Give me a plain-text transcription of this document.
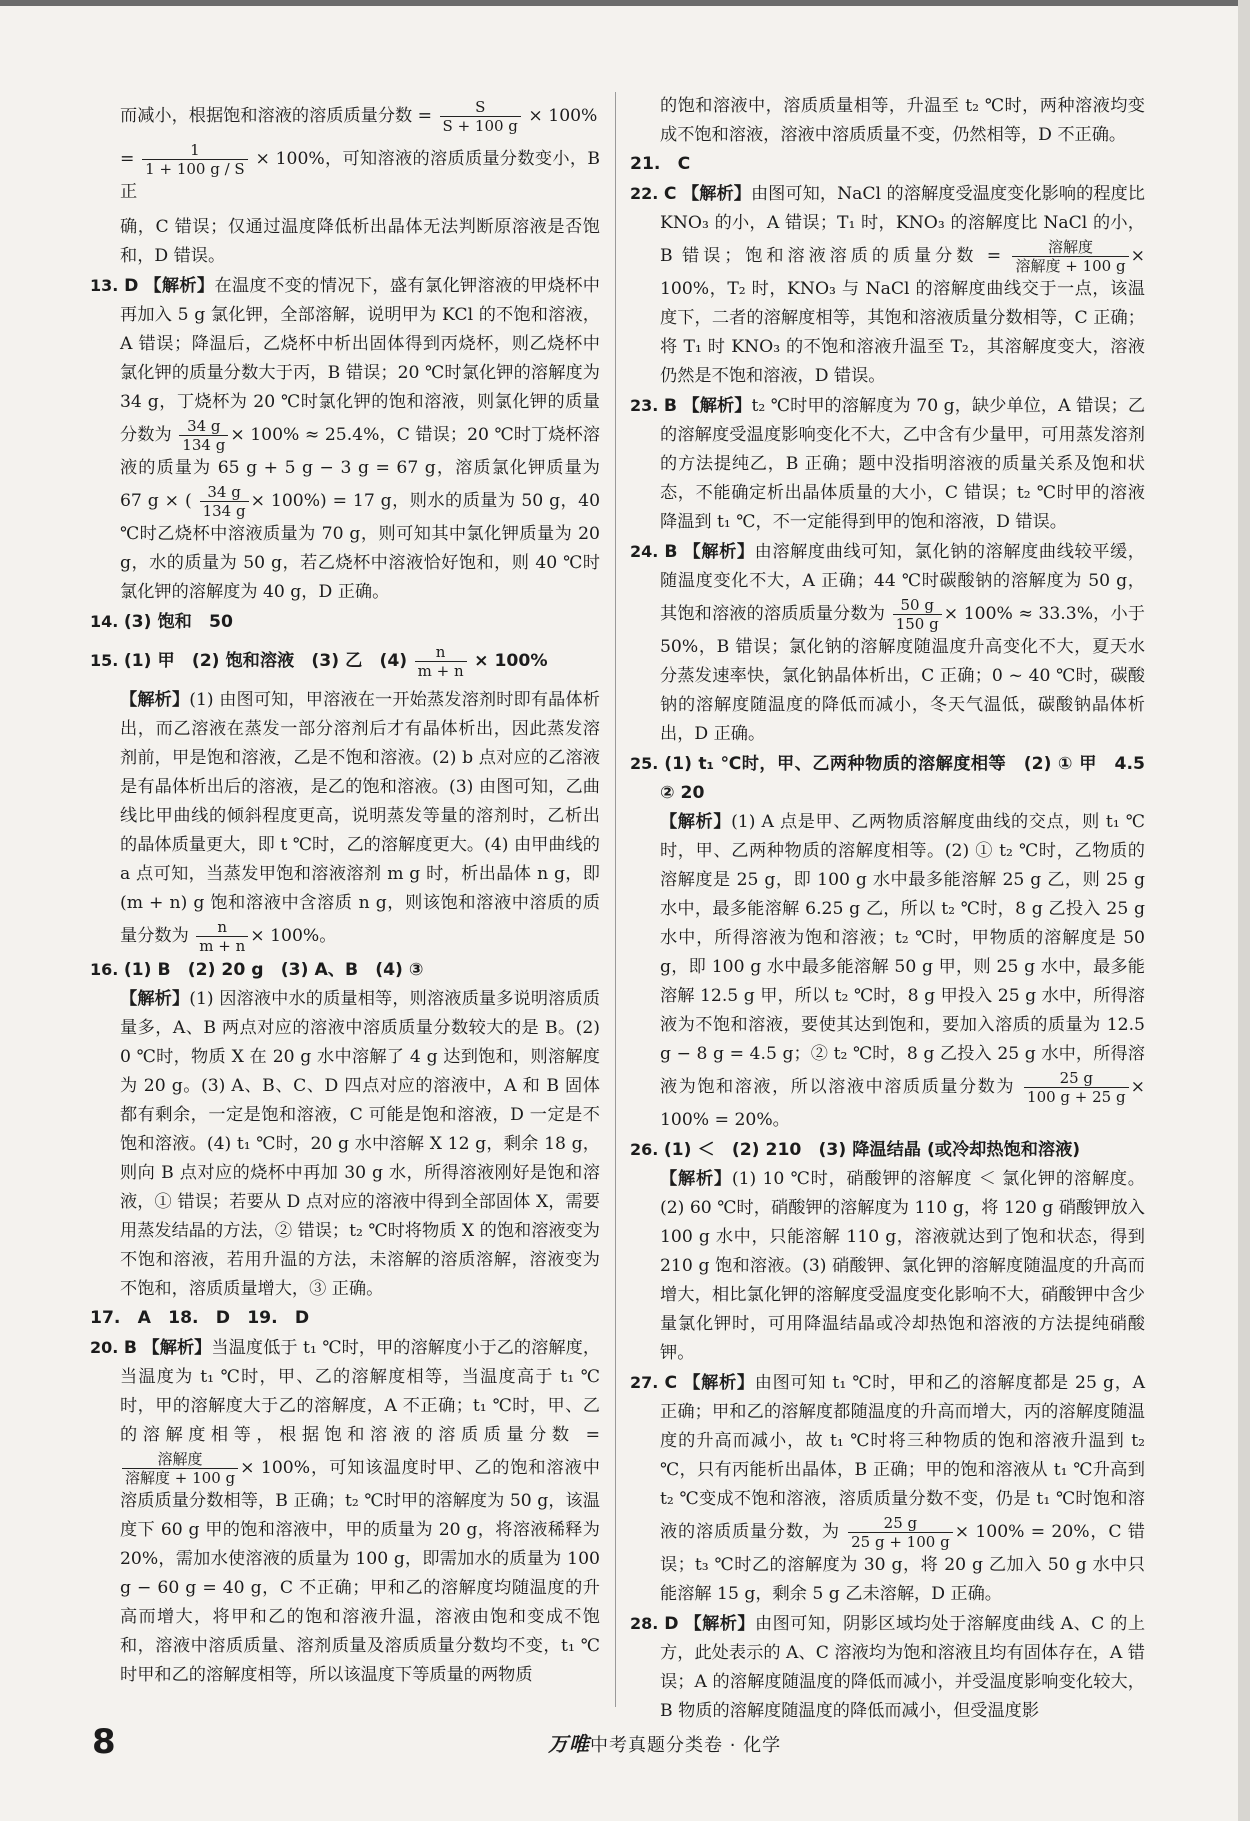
而减小，根据饱和溶液的溶质质量分数 = $\frac{S}{S + 100 g} \times 100\%$

= $\frac{1}{1 + 100 g / S} \times 100\%$，可知溶液的溶质质量分数变小，B 正

确，C 错误；仅通过温度降低析出晶体无法判断原溶液是否饱和，D 错误。

13. D 【解析】在温度不变的情况下，盛有氯化钾溶液的甲烧杯中再加入 5 g 氯化钾，全部溶解，说明甲为 KCl 的不饱和溶液，A 错误；降温后，乙烧杯中析出固体得到丙烧杯，则乙烧杯中氯化钾的质量分数大于丙，B 错误；20 ℃时氯化钾的溶解度为 34 g，丁烧杯为 20 ℃时氯化钾的饱和溶液，则氯化钾的质量分数为 $\frac{34 g}{134 g} \times 100\% \approx 25.4\%$，C 错误；20 ℃时丁烧杯溶液的质量为 65 g + 5 g − 3 g = 67 g，溶质氯化钾质量为 67 g × ( $\frac{34 g}{134 g} \times 100\%) = 17$ g，则水的质量为 50 g，40 ℃时乙烧杯中溶液质量为 70 g，则可知其中氯化钾质量为 20 g，水的质量为 50 g，若乙烧杯中溶液恰好饱和，则 40 ℃时氯化钾的溶解度为 40 g，D 正确。

14. (3) 饱和　50

15. (1) 甲　(2) 饱和溶液　(3) 乙　$(4) \frac{n}{m + n} \times 100\%$

【解析】(1) 由图可知，甲溶液在一开始蒸发溶剂时即有晶体析出，而乙溶液在蒸发一部分溶剂后才有晶体析出，因此蒸发溶剂前，甲是饱和溶液，乙是不饱和溶液。(2) b 点对应的乙溶液是有晶体析出后的溶液，是乙的饱和溶液。(3) 由图可知，乙曲线比甲曲线的倾斜程度更高，说明蒸发等量的溶剂时，乙析出的晶体质量更大，即 t ℃时，乙的溶解度更大。(4) 由甲曲线的 a 点可知，当蒸发甲饱和溶液溶剂 m g 时，析出晶体 n g，即 (m + n) g 饱和溶液中含溶质 n g，则该饱和溶液中溶质的质量分数为 $\frac{n}{m + n} \times 100\%$。

16. (1) B　(2) 20 g　(3) A、B　(4) ③

【解析】(1) 因溶液中水的质量相等，则溶液质量多说明溶质质量多，A、B 两点对应的溶液中溶质质量分数较大的是 B。(2) 0 ℃时，物质 X 在 20 g 水中溶解了 4 g 达到饱和，则溶解度为 20 g。(3) A、B、C、D 四点对应的溶液中，A 和 B 固体都有剩余，一定是饱和溶液，C 可能是饱和溶液，D 一定是不饱和溶液。(4) t₁ ℃时，20 g 水中溶解 X 12 g，剩余 18 g，则向 B 点对应的烧杯中再加 30 g 水，所得溶液刚好是饱和溶液，① 错误；若要从 D 点对应的溶液中得到全部固体 X，需要用蒸发结晶的方法，② 错误；t₂ ℃时将物质 X 的饱和溶液变为不饱和溶液，若用升温的方法，未溶解的溶质溶解，溶液变为不饱和，溶质质量增大，③ 正确。

17.　A　18.　D　19.　D

20. B 【解析】当温度低于 t₁ ℃时，甲的溶解度小于乙的溶解度，当温度为 t₁ ℃时，甲、乙的溶解度相等，当温度高于 t₁ ℃时，甲的溶解度大于乙的溶解度，A 不正确；t₁ ℃时，甲、乙的溶解度相等，根据饱和溶液的溶质质量分数 =
$\frac{\text{溶解度}}{\text{溶解度 + 100 g}} \times 100\%$，可知该温度时甲、乙的饱和溶液中溶质质量分数相等，B 正确；t₂ ℃时甲的溶解度为 50 g，该温度下 60 g 甲的饱和溶液中，甲的质量为 20 g，将溶液稀释为 20%，需加水使溶液的质量为 100 g，即需加水的质量为 100 g − 60 g = 40 g，C 不正确；甲和乙的溶解度均随温度的升高而增大，将甲和乙的饱和溶液升温，溶液由饱和变成不饱和，溶液中溶质质量、溶剂质量及溶质质量分数均不变，t₁ ℃时甲和乙的溶解度相等，所以该温度下等质量的两物质

的饱和溶液中，溶质质量相等，升温至 t₂ ℃时，两种溶液均变成不饱和溶液，溶液中溶质质量不变，仍然相等，D 不正确。

21.　C

22. C 【解析】由图可知，NaCl 的溶解度受温度变化影响的程度比 KNO₃ 的小，A 错误；T₁ 时，KNO₃ 的溶解度比 NaCl 的小，B 错误；饱和溶液溶质的质量分数 = $\frac{\text{溶解度}}{\text{溶解度 + 100 g}} \times 100\%$，T₂ 时，KNO₃ 与 NaCl 的溶解度曲线交于一点，该温度下，二者的溶解度相等，其饱和溶液质量分数相等，C 正确；将 T₁ 时 KNO₃ 的不饱和溶液升温至 T₂，其溶解度变大，溶液仍然是不饱和溶液，D 错误。

23. B 【解析】t₂ ℃时甲的溶解度为 70 g，缺少单位，A 错误；乙的溶解度受温度影响变化不大，乙中含有少量甲，可用蒸发溶剂的方法提纯乙，B 正确；题中没指明溶液的质量关系及饱和状态，不能确定析出晶体质量的大小，C 错误；t₂ ℃时甲的溶液降温到 t₁ ℃，不一定能得到甲的饱和溶液，D 错误。

24. B 【解析】由溶解度曲线可知，氯化钠的溶解度曲线较平缓，随温度变化不大，A 正确；44 ℃时碳酸钠的溶解度为 50 g，其饱和溶液的溶质质量分数为 $\frac{50 g}{150 g} \times 100\% \approx 33.3\%$，小于 50%，B 错误；氯化钠的溶解度随温度升高变化不大，夏天水分蒸发速率快，氯化钠晶体析出，C 正确；0 ~ 40 ℃时，碳酸钠的溶解度随温度的降低而减小，冬天气温低，碳酸钠晶体析出，D 正确。

25. (1) t₁ ℃时，甲、乙两种物质的溶解度相等　(2) ① 甲　4.5　② 20

【解析】(1) A 点是甲、乙两物质溶解度曲线的交点，则 t₁ ℃时，甲、乙两种物质的溶解度相等。(2) ① t₂ ℃时，乙物质的溶解度是 25 g，即 100 g 水中最多能溶解 25 g 乙，则 25 g 水中，最多能溶解 6.25 g 乙，所以 t₂ ℃时，8 g 乙投入 25 g 水中，所得溶液为饱和溶液；t₂ ℃时，甲物质的溶解度是 50 g，即 100 g 水中最多能溶解 50 g 甲，则 25 g 水中，最多能溶解 12.5 g 甲，所以 t₂ ℃时，8 g 甲投入 25 g 水中，所得溶液为不饱和溶液，要使其达到饱和，要加入溶质的质量为 12.5 g − 8 g = 4.5 g；② t₂ ℃时，8 g 乙投入 25 g 水中，所得溶液为饱和溶液，所以溶液中溶质质量分数为 $\frac{25 g}{100 g + 25 g} \times 100\% = 20\%$。

26. (1) ＜　(2) 210　(3) 降温结晶 (或冷却热饱和溶液)

【解析】(1) 10 ℃时，硝酸钾的溶解度 ＜ 氯化钾的溶解度。(2) 60 ℃时，硝酸钾的溶解度为 110 g，将 120 g 硝酸钾放入 100 g 水中，只能溶解 110 g，溶液就达到了饱和状态，得到 210 g 饱和溶液。(3) 硝酸钾、氯化钾的溶解度随温度的升高而增大，相比氯化钾的溶解度受温度变化影响不大，硝酸钾中含少量氯化钾时，可用降温结晶或冷却热饱和溶液的方法提纯硝酸钾。

27. C 【解析】由图可知 t₁ ℃时，甲和乙的溶解度都是 25 g，A 正确；甲和乙的溶解度都随温度的升高而增大，丙的溶解度随温度的升高而减小，故 t₁ ℃时将三种物质的饱和溶液升温到 t₂ ℃，只有丙能析出晶体，B 正确；甲的饱和溶液从 t₁ ℃升高到 t₂ ℃变成不饱和溶液，溶质质量分数不变，仍是 t₁ ℃时饱和溶液的溶质质量分数，为 $\frac{25 g}{25 g + 100 g} \times 100\% = 20\%$，C 错误；t₃ ℃时乙的溶解度为 30 g，将 20 g 乙加入 50 g 水中只能溶解 15 g，剩余 5 g 乙未溶解，D 正确。

28. D 【解析】由图可知，阴影区域均处于溶解度曲线 A、C 的上方，此处表示的 A、C 溶液均为饱和溶液且均有固体存在，A 错误；A 的溶解度随温度的降低而减小，并受温度影响变化较大，B 物质的溶解度随温度的降低而减小，但受温度影

8	万唯中考真题分类卷 · 化学
